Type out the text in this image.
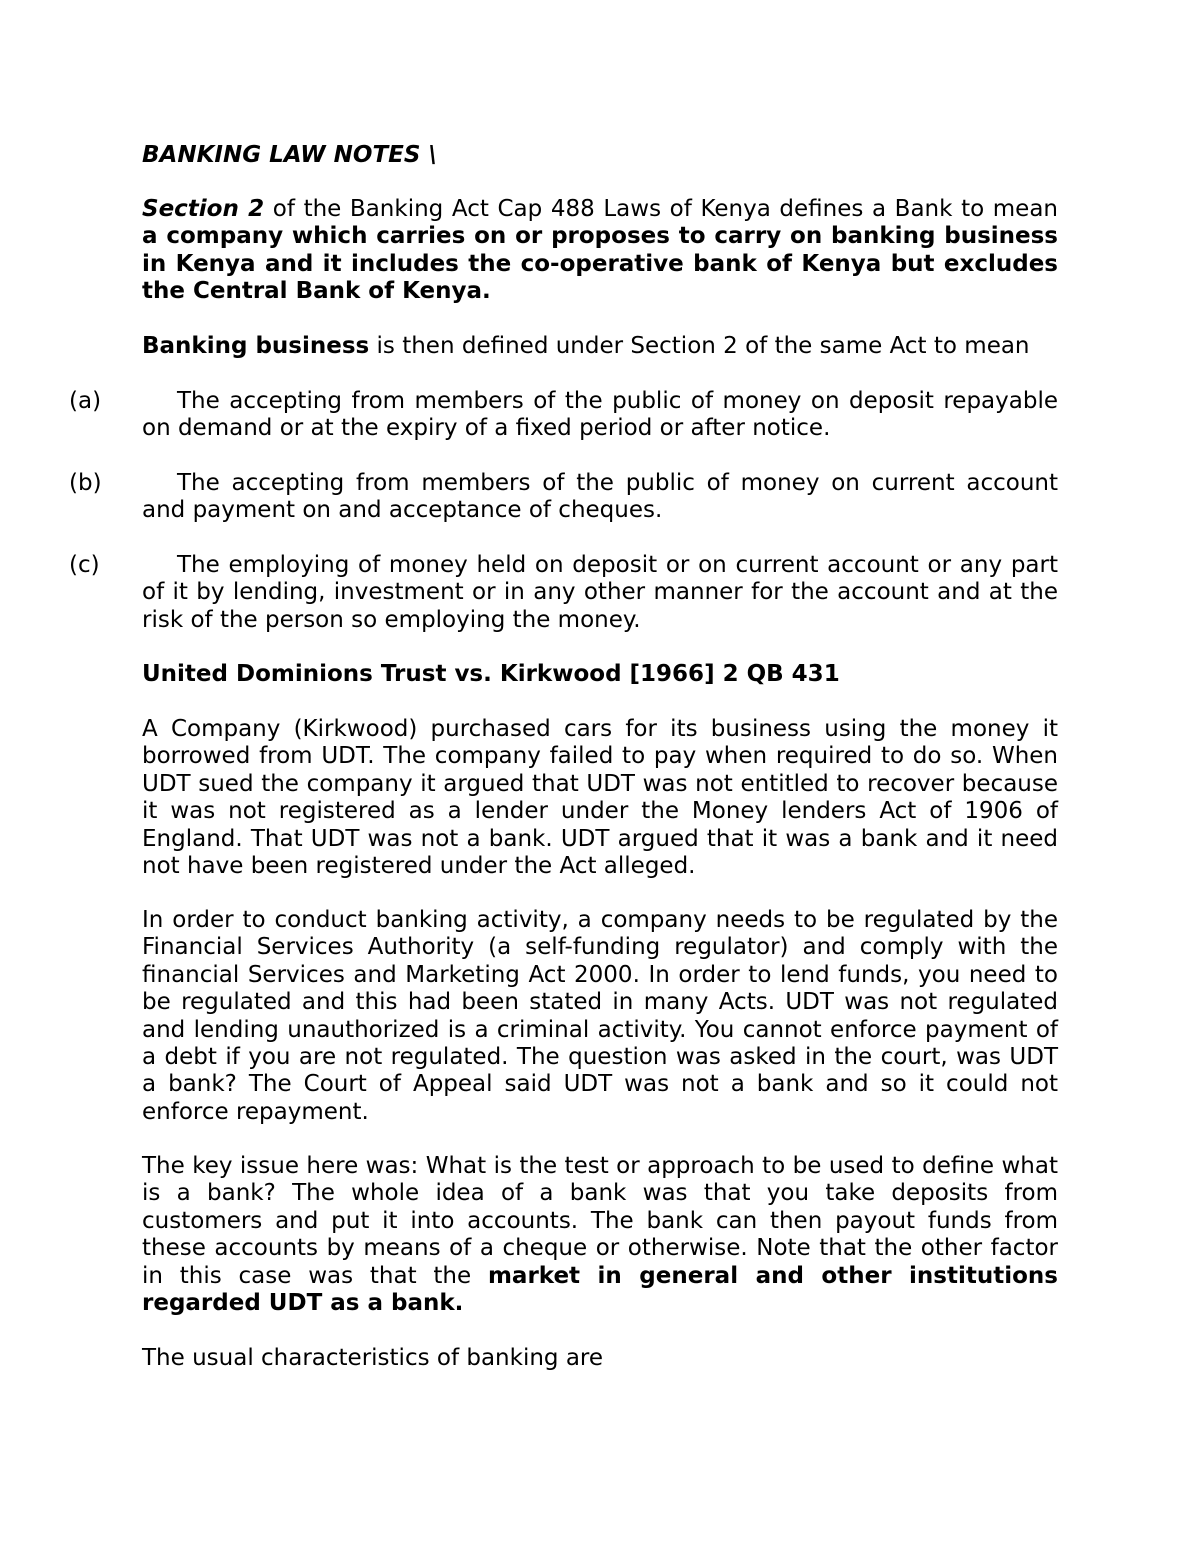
BANKING LAW NOTES \

Section 2 of the Banking Act Cap 488 Laws of Kenya defines a Bank to mean a company which carries on or proposes to carry on banking business in Kenya and it includes the co-operative bank of Kenya but excludes the Central Bank of Kenya.

Banking business is then defined under Section 2 of the same Act to mean

(a)	The accepting from members of the public of money on deposit repayable on demand or at the expiry of a fixed period or after notice.

(b)	The accepting from members of the public of money on current account and payment on and acceptance of cheques.

(c)	The employing of money held on deposit or on current account or any part of it by lending, investment or in any other manner for the account and at the risk of the person so employing the money.

United Dominions Trust vs. Kirkwood [1966] 2 QB 431

A Company (Kirkwood) purchased cars for its business using the money it borrowed from UDT. The company failed to pay when required to do so. When UDT sued the company it argued that UDT was not entitled to recover because it was not registered as a lender under the Money lenders Act of 1906 of England. That UDT was not a bank. UDT argued that it was a bank and it need not have been registered under the Act alleged.

In order to conduct banking activity, a company needs to be regulated by the Financial Services Authority (a self-funding regulator) and comply with the financial Services and Marketing Act 2000. In order to lend funds, you need to be regulated and this had been stated in many Acts. UDT was not regulated and lending unauthorized is a criminal activity. You cannot enforce payment of a debt if you are not regulated. The question was asked in the court, was UDT a bank? The Court of Appeal said UDT was not a bank and so it could not enforce repayment.

The key issue here was: What is the test or approach to be used to define what is a bank? The whole idea of a bank was that you take deposits from customers and put it into accounts. The bank can then payout funds from these accounts by means of a cheque or otherwise. Note that the other factor in this case was that the market in general and other institutions regarded UDT as a bank.

The usual characteristics of banking are
